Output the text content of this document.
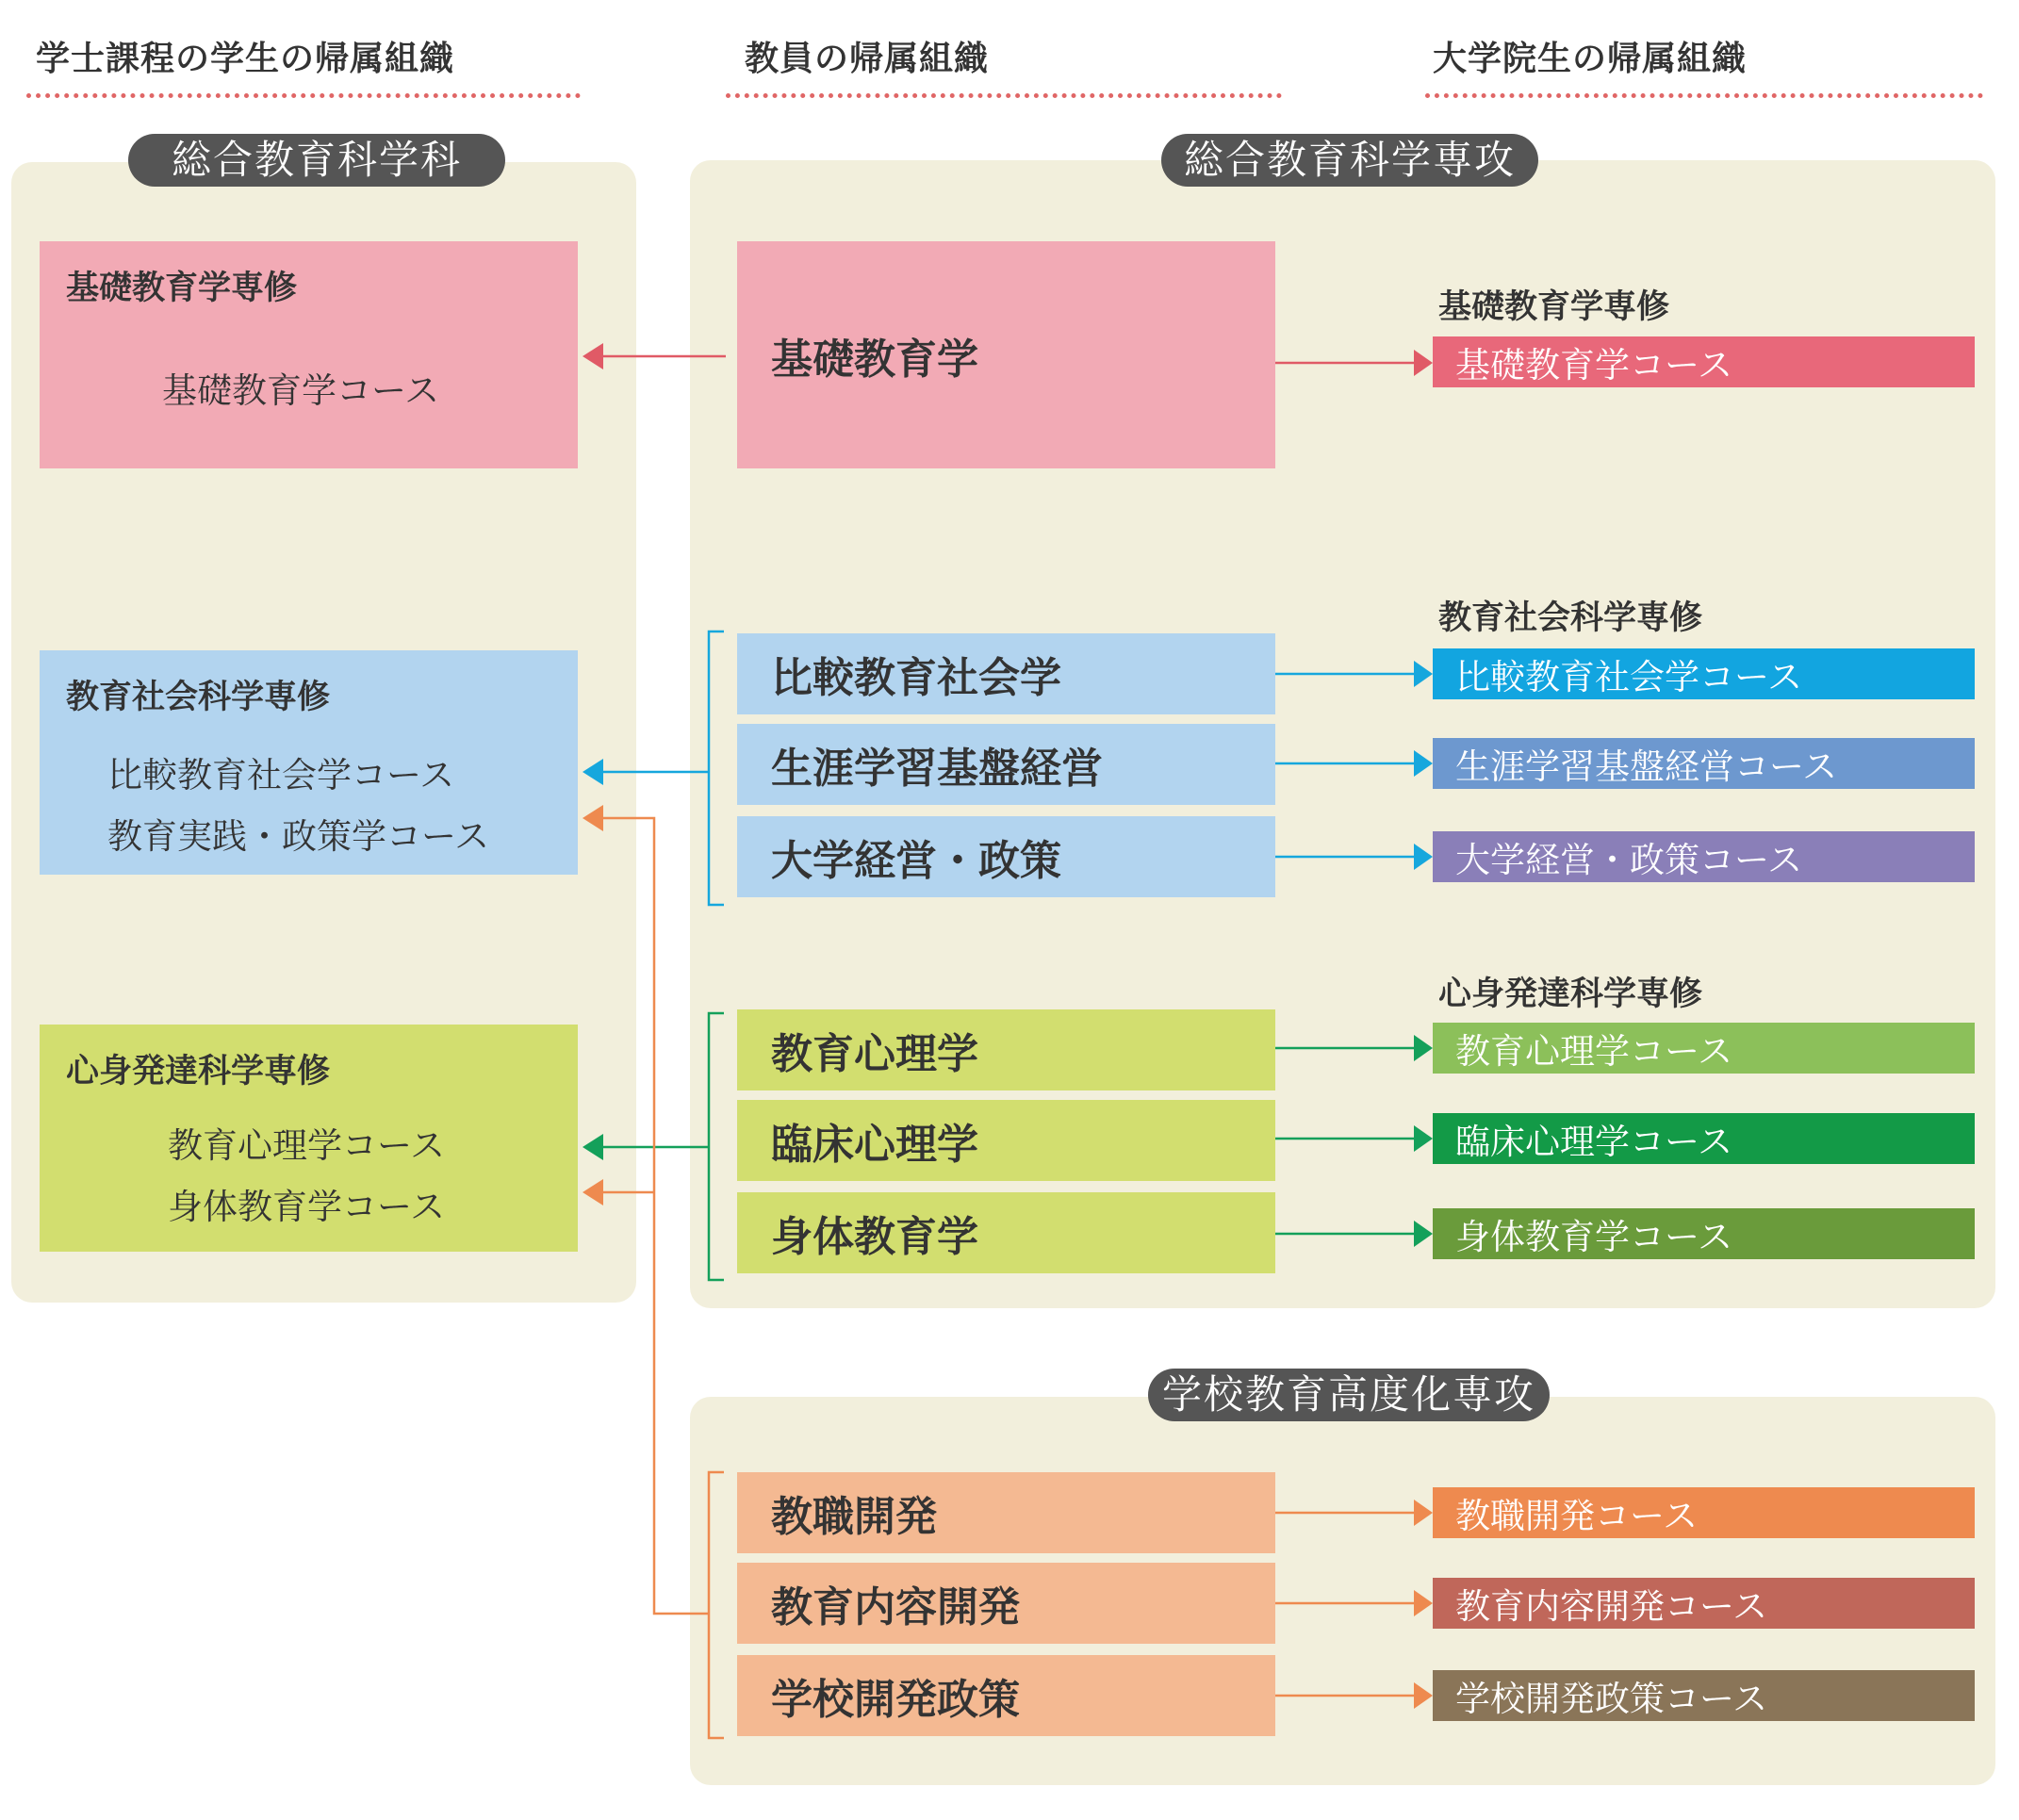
学士課程の学生の帰属組織	教員の帰属組織	大学院生の帰属組織
総合教育科学科	総合教育科学専攻
学校教育高度化専攻
基礎教育学専修
基礎教育学コース
教育社会科学専修
比較教育社会学コース
教育実践・政策学コース
心身発達科学専修
教育心理学コース
身体教育学コース
基礎教育学
比較教育社会学
生涯学習基盤経営
大学経営・政策
教育心理学
臨床心理学
身体教育学
教職開発
教育内容開発
学校開発政策
基礎教育学専修
教育社会科学専修
心身発達科学専修
基礎教育学コース
比較教育社会学コース
生涯学習基盤経営コース
大学経営・政策コース
教育心理学コース
臨床心理学コース
身体教育学コース
教職開発コース
教育内容開発コース
学校開発政策コース
